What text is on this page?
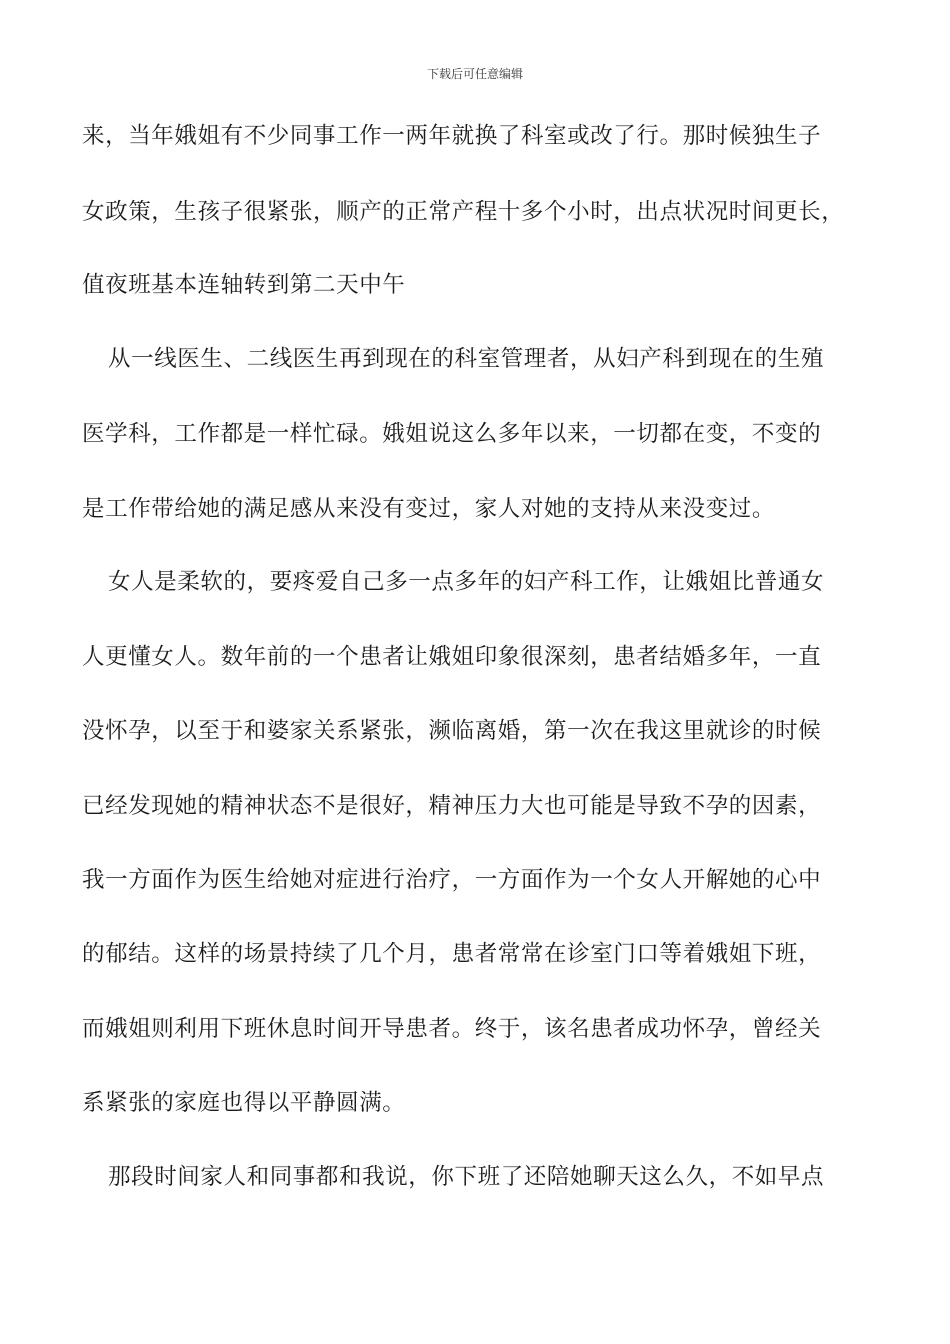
下载后可任意编辑
来，当年娥姐有不少同事工作一两年就换了科室或改了行。那时候独生子
女政策，生孩子很紧张，顺产的正常产程十多个小时，出点状况时间更长，
值夜班基本连轴转到第二天中午
从一线医生、二线医生再到现在的科室管理者，从妇产科到现在的生殖
医学科，工作都是一样忙碌。娥姐说这么多年以来，一切都在变，不变的
是工作带给她的满足感从来没有变过，家人对她的支持从来没变过。
女人是柔软的，要疼爱自己多一点多年的妇产科工作，让娥姐比普通女
人更懂女人。数年前的一个患者让娥姐印象很深刻，患者结婚多年，一直
没怀孕，以至于和婆家关系紧张，濒临离婚，第一次在我这里就诊的时候
已经发现她的精神状态不是很好，精神压力大也可能是导致不孕的因素，
我一方面作为医生给她对症进行治疗，一方面作为一个女人开解她的心中
的郁结。这样的场景持续了几个月，患者常常在诊室门口等着娥姐下班，
而娥姐则利用下班休息时间开导患者。终于，该名患者成功怀孕，曾经关
系紧张的家庭也得以平静圆满。
那段时间家人和同事都和我说，你下班了还陪她聊天这么久，不如早点
